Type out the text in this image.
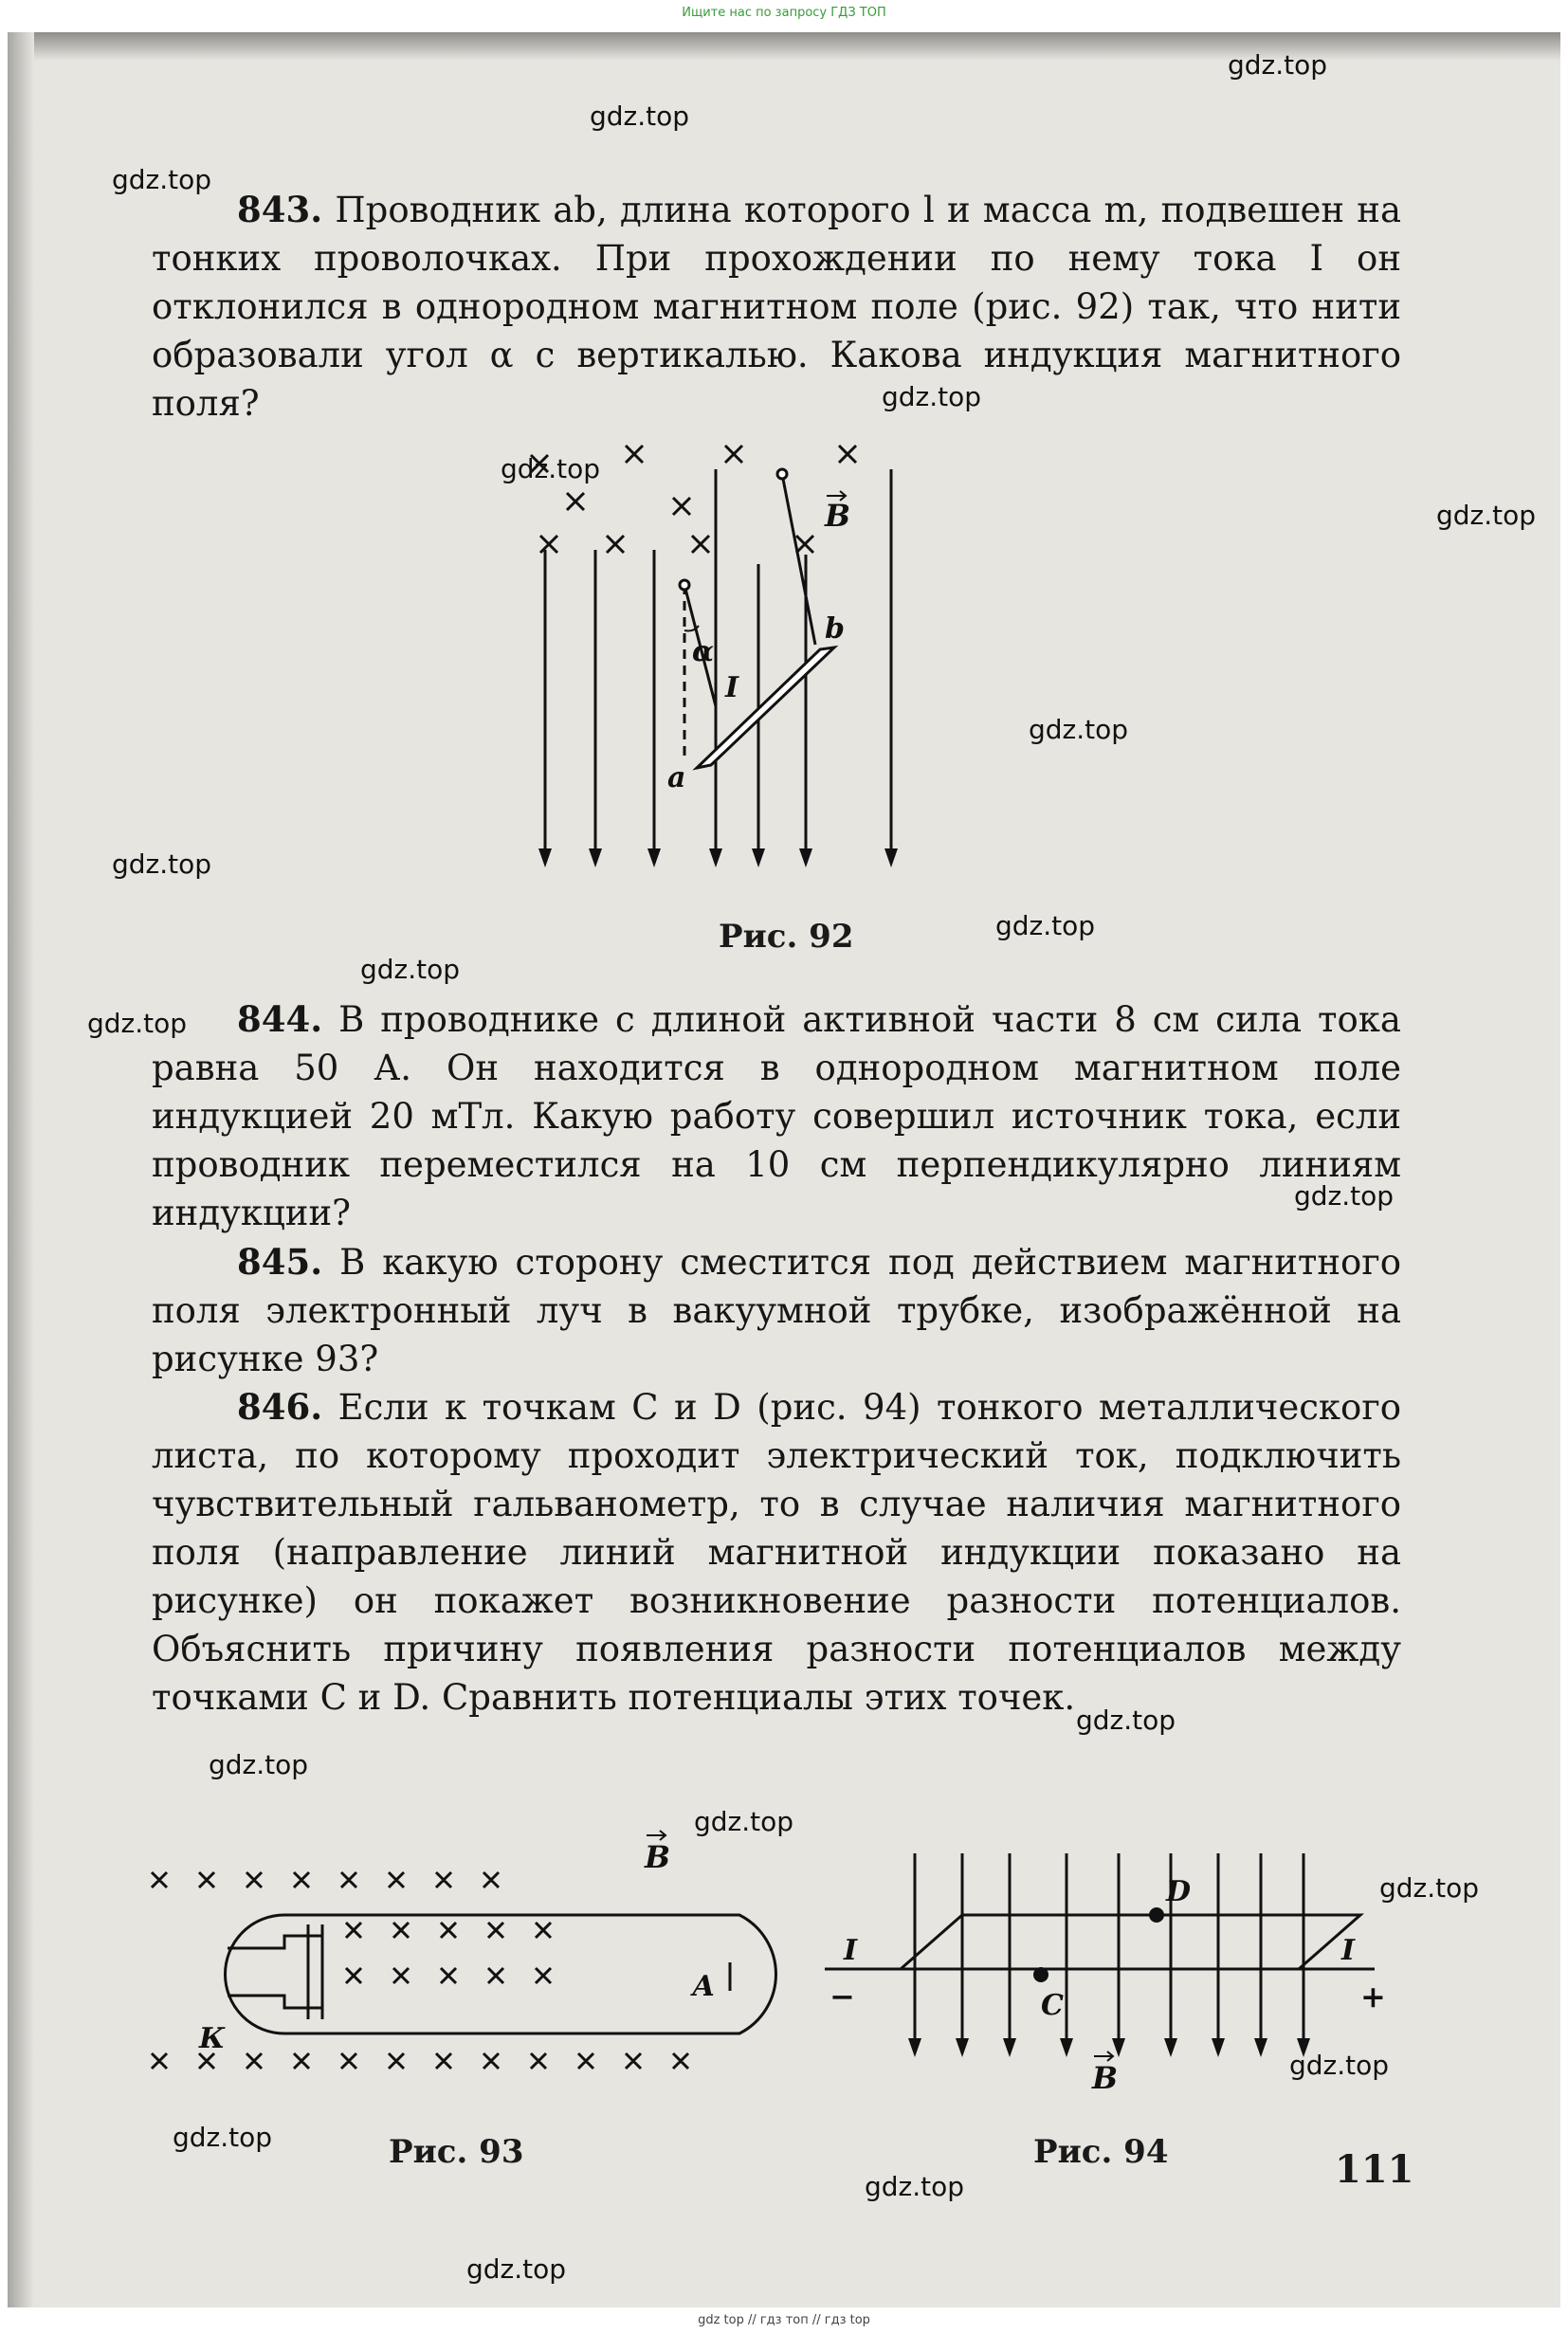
Ищите нас по запросу ГДЗ ТОП

843. Проводник ab, длина которого l и масса m, подвешен на тонких проволочках. При прохождении по нему тока I он отклонился в однородном магнитном поле (рис. 92) так, что нити образовали угол α с вертикалью. Какова индукция магнитного поля?

a
b
I
α
B
Рис. 92

844. В проводнике с длиной активной части 8 см сила тока равна 50 А. Он находится в однородном магнитном поле индукцией 20 мТл. Какую работу совершил источник тока, если проводник переместился на 10 см перпендикулярно линиям индукции?

845. В какую сторону сместится под действием магнитного поля электронный луч в вакуумной трубке, изображённой на рисунке 93?

846. Если к точкам C и D (рис. 94) тонкого металлического листа, по которому проходит электрический ток, подключить чувствительный гальванометр, то в случае наличия магнитного поля (направление линий магнитной индукции показано на рисунке) он покажет возникновение разности потенциалов. Объяснить причину появления разности потенциалов между точками C и D. Сравнить потенциалы этих точек.

К
А
B
Рис. 93
D
C
I	I
−	+
B
Рис. 94	111
gdz.top
gdz.top
gdz.top
gdz.top
gdz.top
gdz.top
gdz.top
gdz.top
gdz.top
gdz.top
gdz.top
gdz.top
gdz.top
gdz.top
gdz.top
gdz.top
gdz.top
gdz.top
gdz.top
gdz.top
gdz top // гдз топ // гдз top
